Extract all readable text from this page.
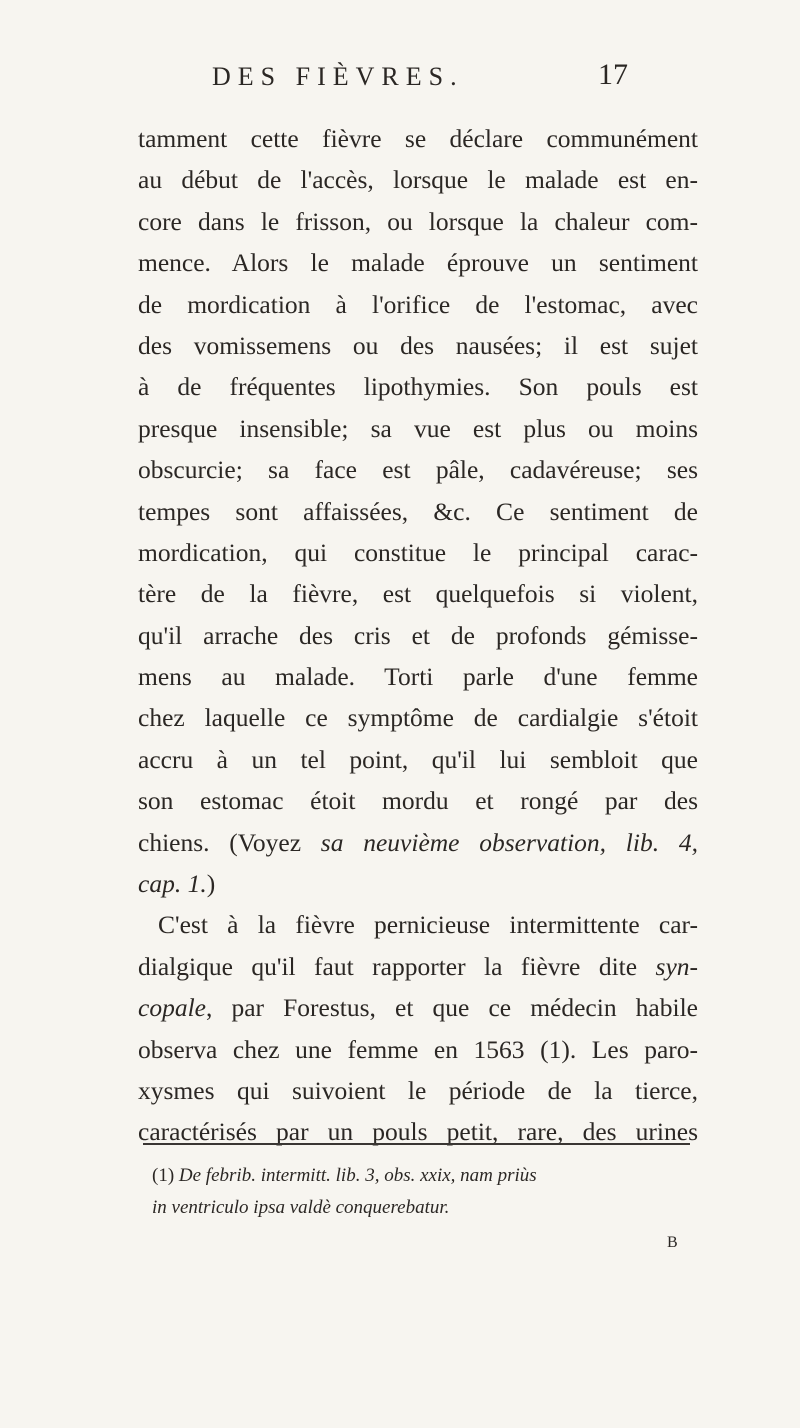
DES FIÈVRES.	17
tamment cette fièvre se déclare communément
au début de l'accès, lorsque le malade est en-
core dans le frisson, ou lorsque la chaleur com-
mence. Alors le malade éprouve un sentiment
de mordication à l'orifice de l'estomac, avec
des vomissemens ou des nausées; il est sujet
à de fréquentes lipothymies. Son pouls est
presque insensible; sa vue est plus ou moins
obscurcie; sa face est pâle, cadavéreuse; ses
tempes sont affaissées, &c. Ce sentiment de
mordication, qui constitue le principal carac-
tère de la fièvre, est quelquefois si violent,
qu'il arrache des cris et de profonds gémisse-
mens au malade. Torti parle d'une femme
chez laquelle ce symptôme de cardialgie s'étoit
accru à un tel point, qu'il lui sembloit que
son estomac étoit mordu et rongé par des
chiens. (Voyez sa neuvième observation, lib. 4,
cap. 1.)
C'est à la fièvre pernicieuse intermittente car-
dialgique qu'il faut rapporter la fièvre dite syn-
copale, par Forestus, et que ce médecin habile
observa chez une femme en 1563 (1). Les paro-
xysmes qui suivoient le période de la tierce,
caractérisés par un pouls petit, rare, des urines
(1) De febrib. intermitt. lib. 3, obs. xxix, nam priùs
in ventriculo ipsa valdè conquerebatur.
B
